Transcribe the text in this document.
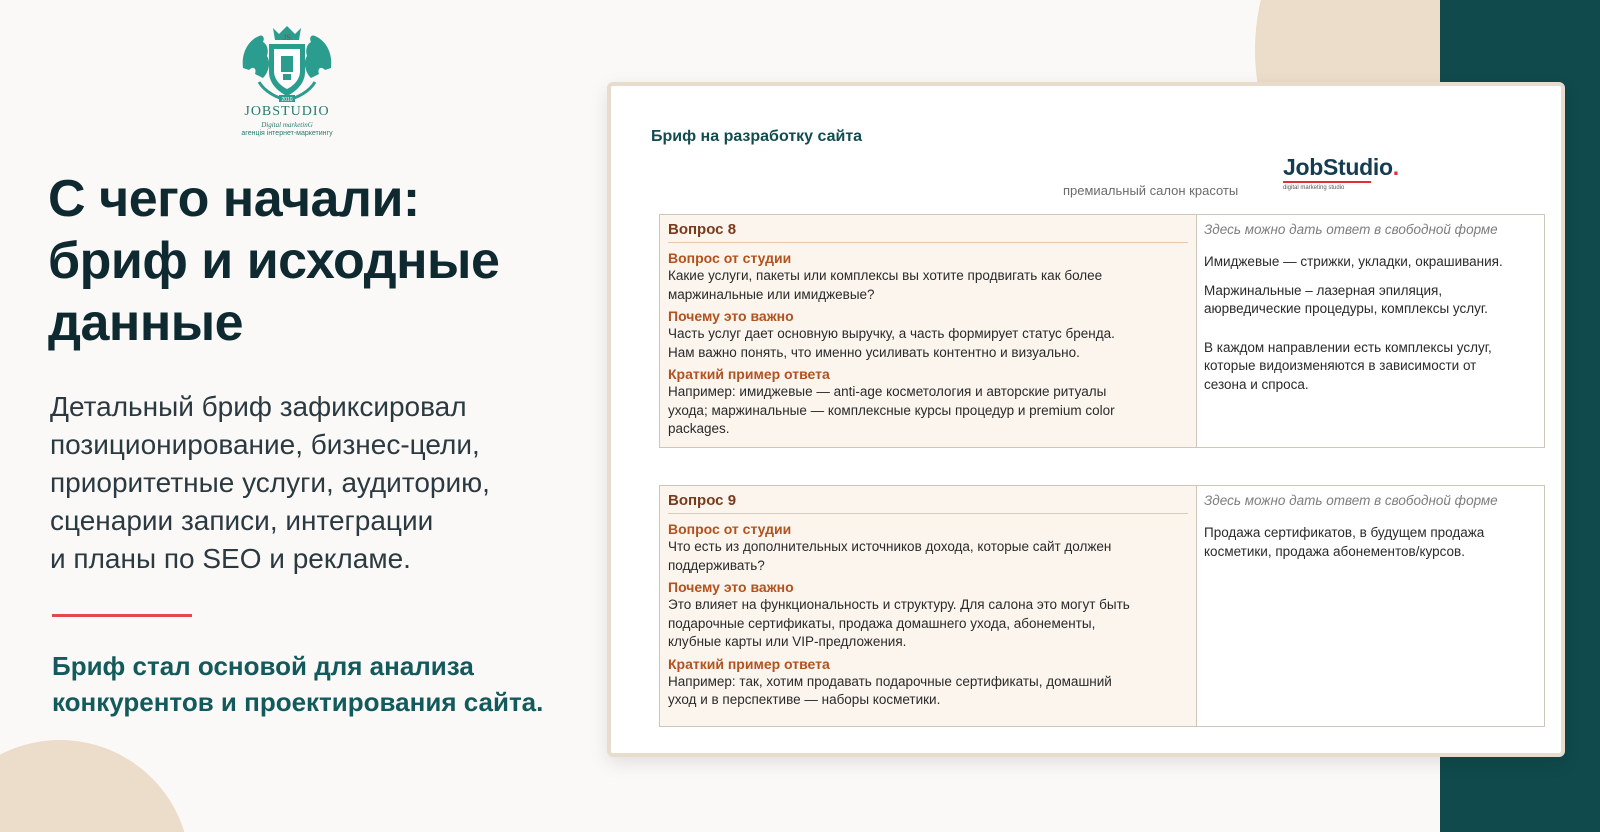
JS
2010
JOBSTUDIO
Digital marketinG
агенція інтернет-маркетингу
С чего начали:
бриф и исходные
данные
Детальный бриф зафиксировал
позиционирование, бизнес-цели,
приоритетные услуги, аудиторию,
сценарии записи, интеграции
и планы по SEO и рекламе.
Бриф стал основой для анализа
конкурентов и проектирования сайта.
Бриф на разработку сайта
премиальный салон красоты
JobStudio.
digital marketing studio
Вопрос 8
Вопрос от студии
Какие услуги, пакеты или комплексы вы хотите продвигать как более
маржинальные или имиджевые?
Почему это важно
Часть услуг дает основную выручку, а часть формирует статус бренда.
Нам важно понять, что именно усиливать контентно и визуально.
Краткий пример ответа
Например: имиджевые — anti-age косметология и авторские ритуалы
ухода; маржинальные — комплексные курсы процедур и premium color
packages.
Здесь можно дать ответ в свободной форме
Имиджевые — стрижки, укладки, окрашивания.
Маржинальные – лазерная эпиляция,
аюрведические процедуры, комплексы услуг.
В каждом направлении есть комплексы услуг,
которые видоизменяются в зависимости от
сезона и спроса.
Вопрос 9
Вопрос от студии
Что есть из дополнительных источников дохода, которые сайт должен
поддерживать?
Почему это важно
Это влияет на функциональность и структуру. Для салона это могут быть
подарочные сертификаты, продажа домашнего ухода, абонементы,
клубные карты или VIP-предложения.
Краткий пример ответа
Например: так, хотим продавать подарочные сертификаты, домашний
уход и в перспективе — наборы косметики.
Здесь можно дать ответ в свободной форме
Продажа сертификатов, в будущем продажа
косметики, продажа абонементов/курсов.
